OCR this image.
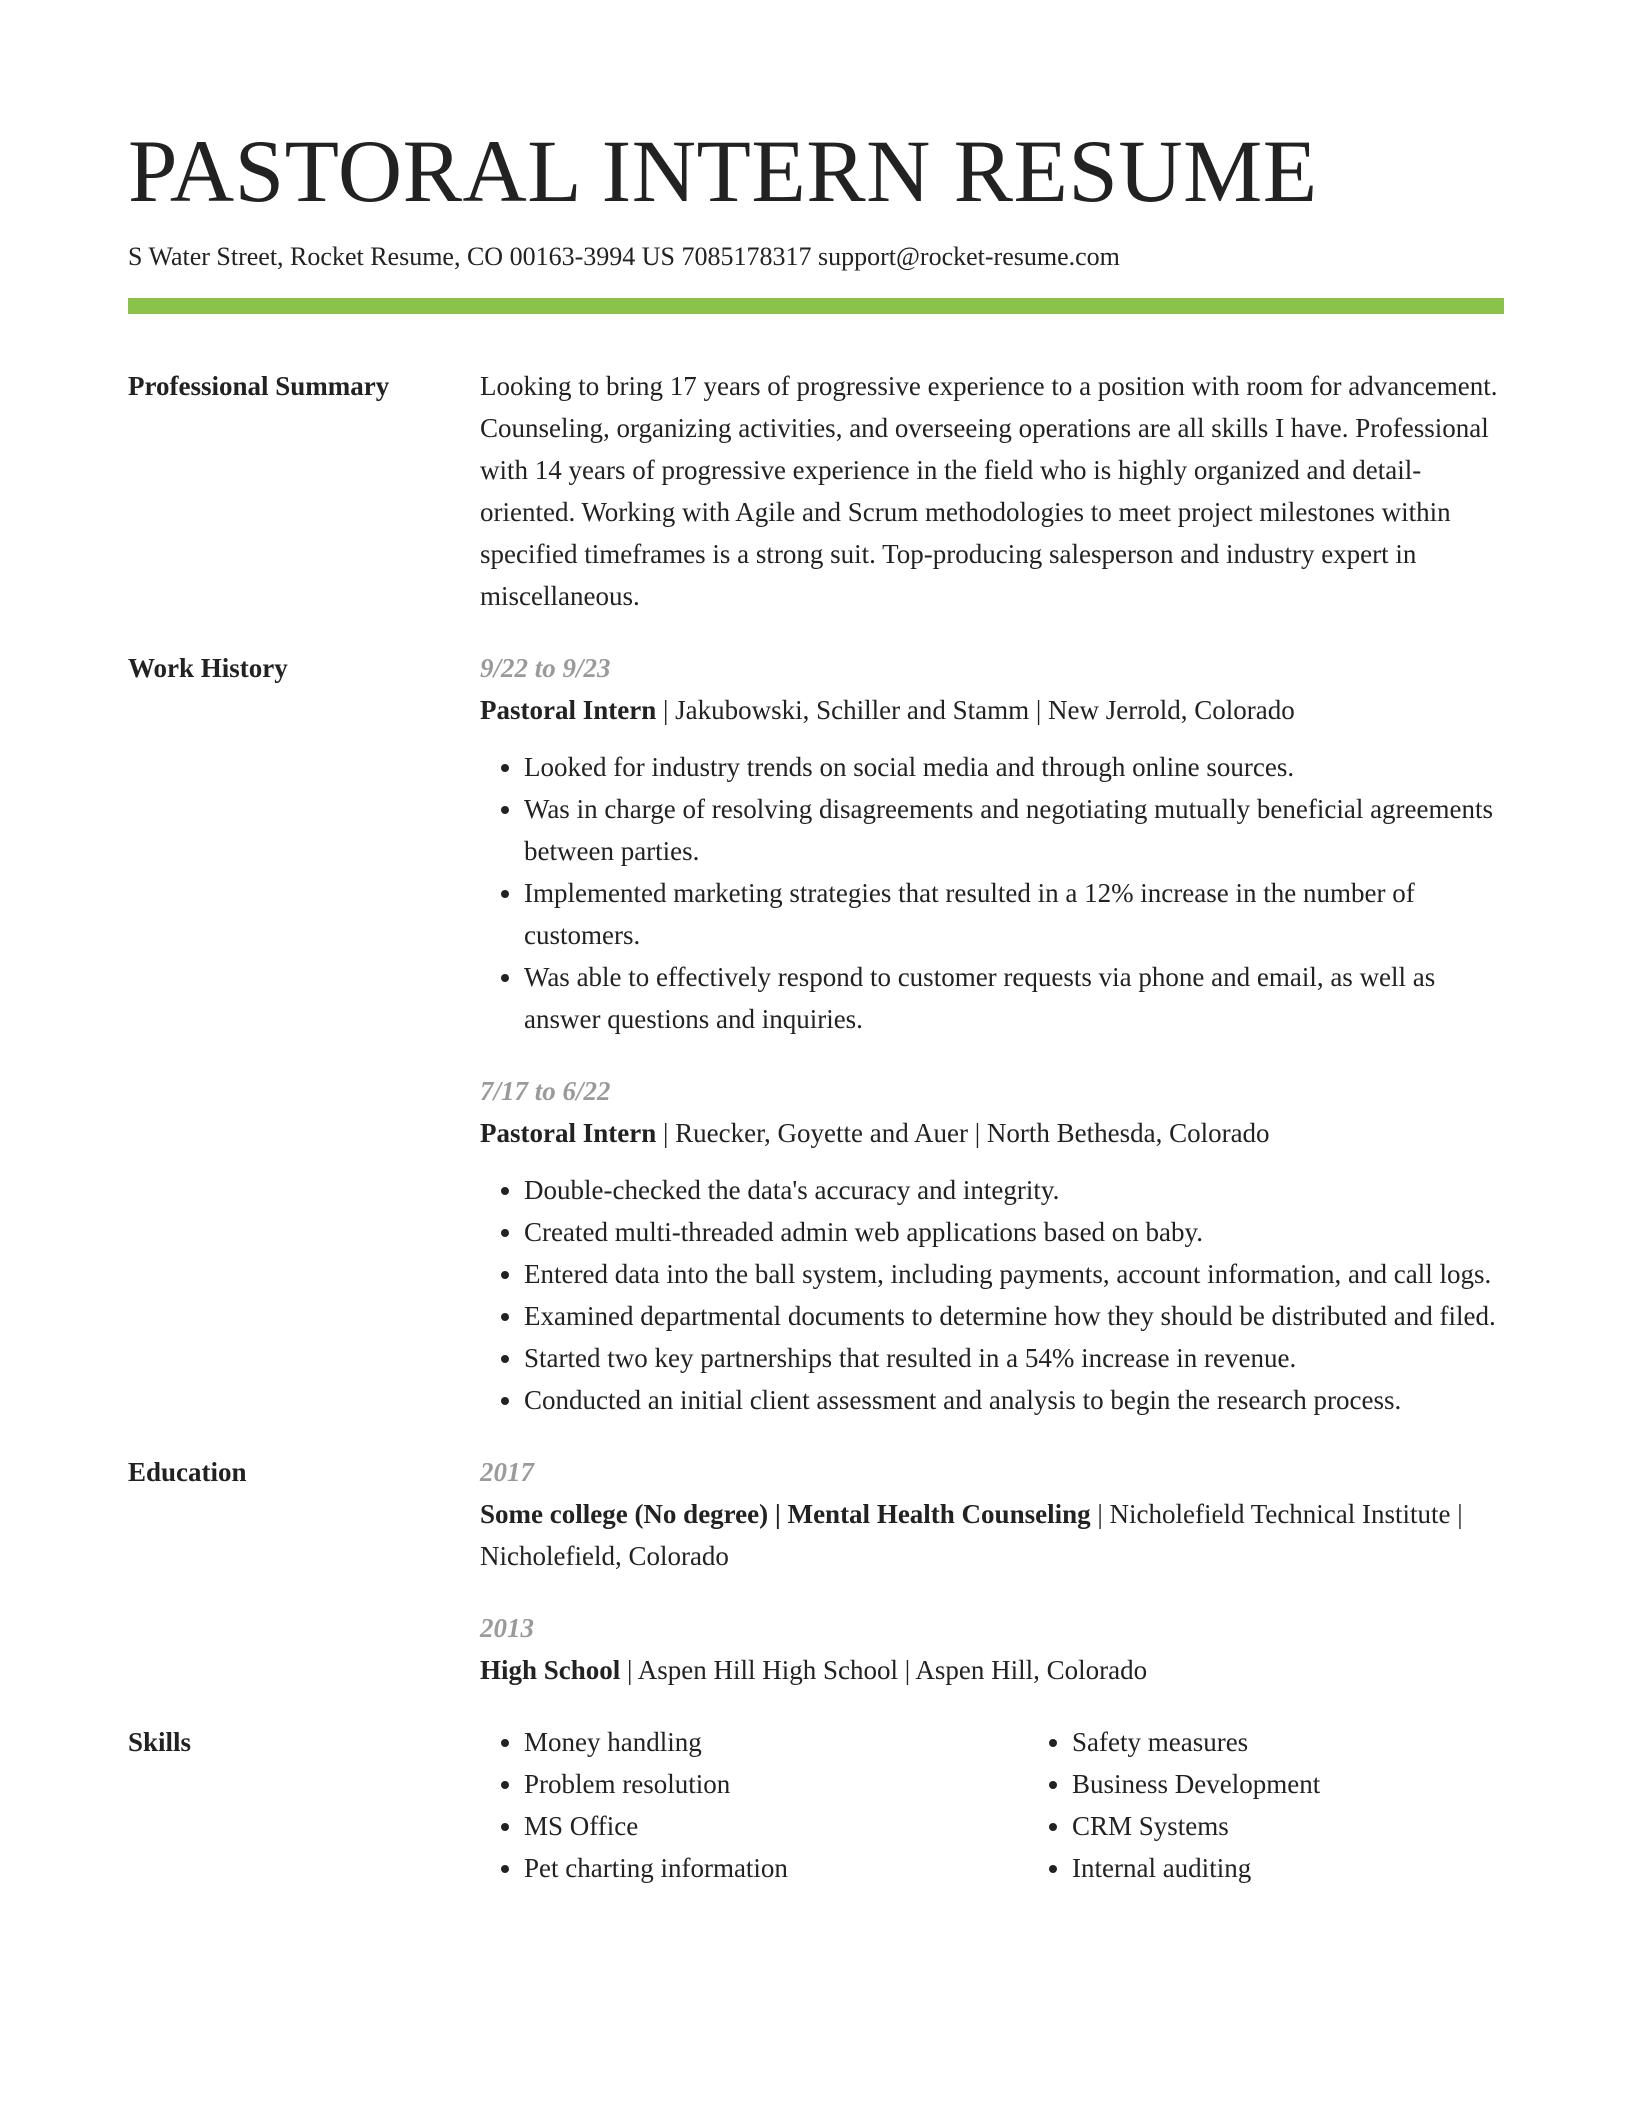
PASTORAL INTERN RESUME
S Water Street, Rocket Resume, CO 00163-3994 US 7085178317 support@rocket-resume.com
Professional Summary	Looking to bring 17 years of progressive experience to a position with room for advancement. Counseling, organizing activities, and overseeing operations are all skills I have. Professional with 14 years of progressive experience in the field who is highly organized and detail-oriented. Working with Agile and Scrum methodologies to meet project milestones within specified timeframes is a strong suit. Top-producing salesperson and industry expert in miscellaneous.
Work History	9/22 to 9/23
Pastoral Intern | Jakubowski, Schiller and Stamm | New Jerrold, Colorado
• Looked for industry trends on social media and through online sources.
• Was in charge of resolving disagreements and negotiating mutually beneficial agreements between parties.
• Implemented marketing strategies that resulted in a 12% increase in the number of customers.
• Was able to effectively respond to customer requests via phone and email, as well as answer questions and inquiries.
7/17 to 6/22
Pastoral Intern | Ruecker, Goyette and Auer | North Bethesda, Colorado
• Double-checked the data's accuracy and integrity.
• Created multi-threaded admin web applications based on baby.
• Entered data into the ball system, including payments, account information, and call logs.
• Examined departmental documents to determine how they should be distributed and filed.
• Started two key partnerships that resulted in a 54% increase in revenue.
• Conducted an initial client assessment and analysis to begin the research process.
Education	2017
Some college (No degree) | Mental Health Counseling | Nicholefield Technical Institute | Nicholefield, Colorado
2013
High School | Aspen Hill High School | Aspen Hill, Colorado
Skills
•	Money handling
• Problem resolution
• MS Office
• Pet charting information
• Safety measures
• Business Development
• CRM Systems
• Internal auditing
